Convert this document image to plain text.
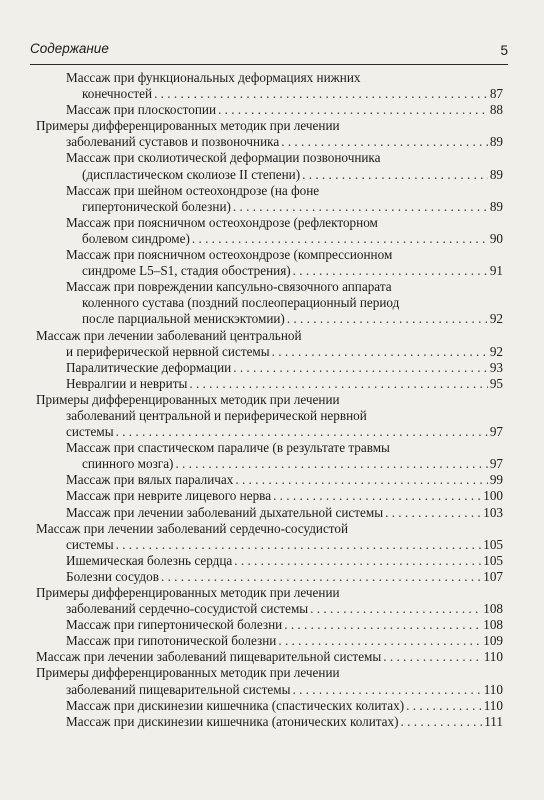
Содержание	5
Массаж при функциональных деформациях нижних
конечностей . . .	87
Массаж при плоскостопии . . .	88
Примеры дифференцированных методик при лечении
заболеваний суставов и позвоночника . . .	89
Массаж при сколиотической деформации позвоночника
(диспластическом сколиозе II степени) . . .	89
Массаж при шейном остеохондрозе (на фоне
гипертонической болезни) . . .	89
Массаж при поясничном остеохондрозе (рефлекторном
болевом синдроме) . . .	90
Массаж при поясничном остеохондрозе (компрессионном
синдроме L5–S1, стадия обострения) . . .	91
Массаж при повреждении капсульно-связочного аппарата
коленного сустава (поздний послеоперационный период
после парциальной менискэктомии) . . .	92
Массаж при лечении заболеваний центральной
и периферической нервной системы . . .	92
Паралитические деформации . . .	93
Невралгии и невриты . . .	95
Примеры дифференцированных методик при лечении
заболеваний центральной и периферической нервной
системы . . .	97
Массаж при спастическом параличе (в результате травмы
спинного мозга) . . .	97
Массаж при вялых параличах . . .	99
Массаж при неврите лицевого нерва . . .	100
Массаж при лечении заболеваний дыхательной системы . . .	103
Массаж при лечении заболеваний сердечно-сосудистой
системы . . .	105
Ишемическая болезнь сердца . . .	105
Болезни сосудов . . .	107
Примеры дифференцированных методик при лечении
заболеваний сердечно-сосудистой системы . . .	108
Массаж при гипертонической болезни . . .	108
Массаж при гипотонической болезни . . .	109
Массаж при лечении заболеваний пищеварительной системы . . .	110
Примеры дифференцированных методик при лечении
заболеваний пищеварительной системы . . .	110
Массаж при дискинезии кишечника (спастических колитах) . . .	110
Массаж при дискинезии кишечника (атонических колитах) . . .	111
